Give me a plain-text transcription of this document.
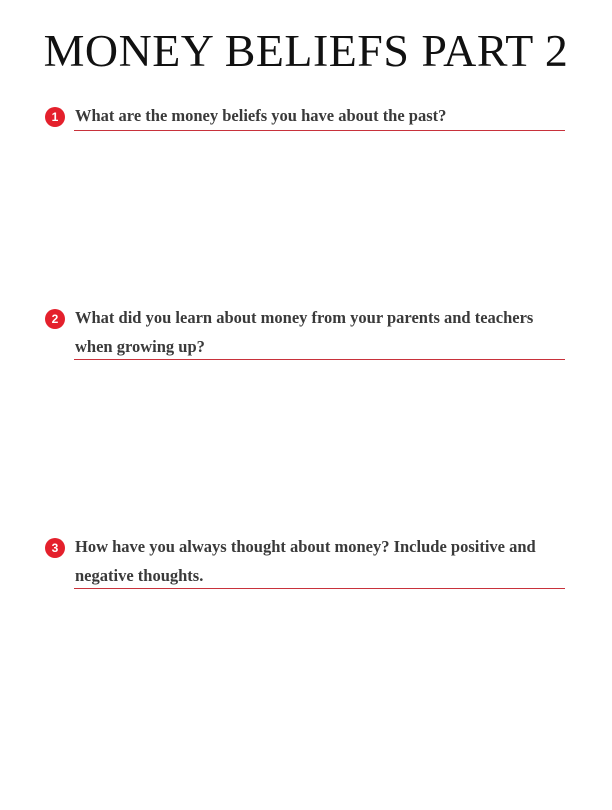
MONEY BELIEFS PART 2
1	What are the money beliefs you have about the past?

2	What did you learn about money from your parents and teachers when growing up?

3	How have you always thought about money? Include positive and negative thoughts.
